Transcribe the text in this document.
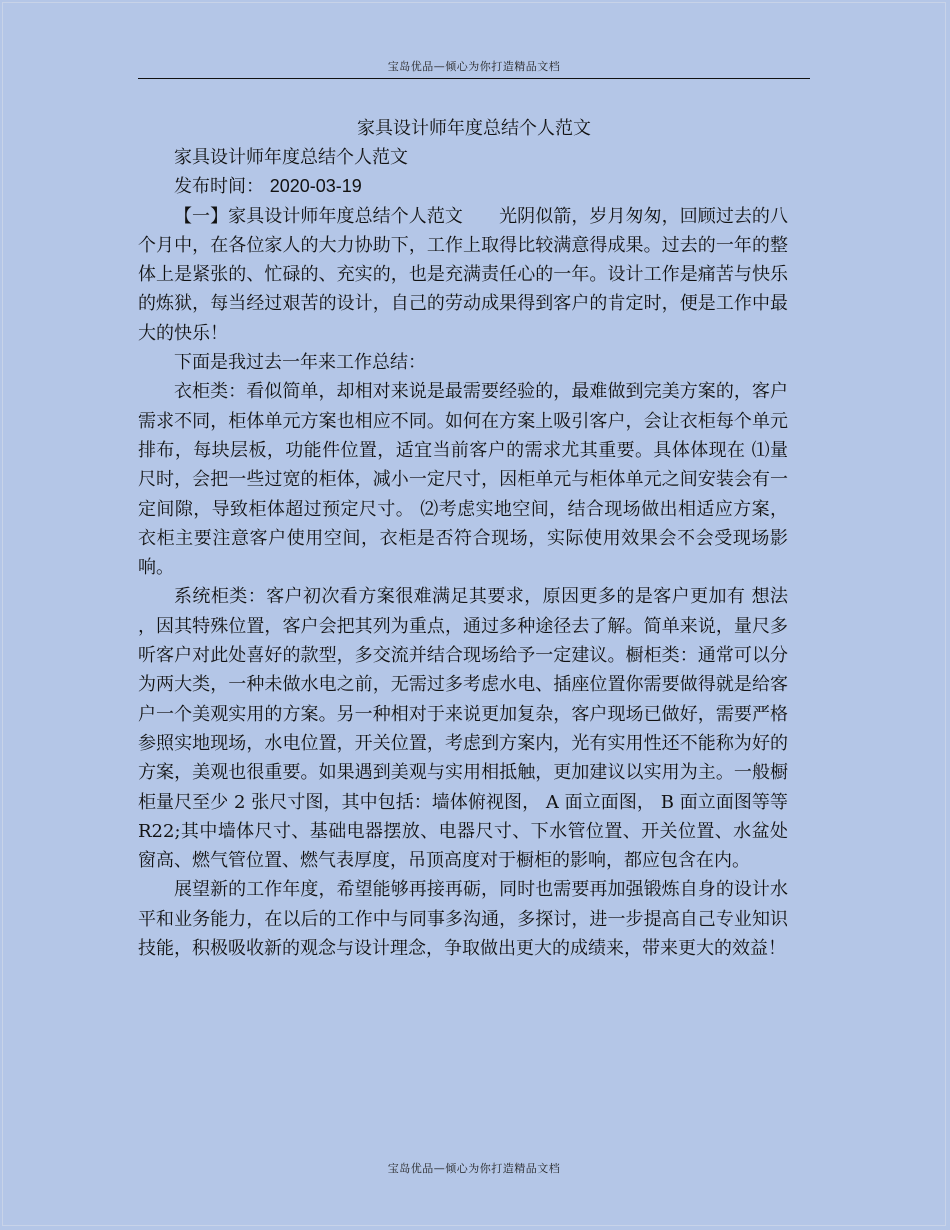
宝岛优品—倾心为你打造精品文档
家具设计师年度总结个人范文

家具设计师年度总结个人范文

发布时间： 2020-03-19

【一】家具设计师年度总结个人范文　　光阴似箭，岁月匆匆，回顾过去的八个月中，在各位家人的大力协助下，工作上取得比较满意得成果。过去的一年的整体上是紧张的、忙碌的、充实的，也是充满责任心的一年。设计工作是痛苦与快乐的炼狱，每当经过艰苦的设计，自己的劳动成果得到客户的肯定时，便是工作中最大的快乐！

下面是我过去一年来工作总结：

衣柜类：看似简单，却相对来说是最需要经验的，最难做到完美方案的，客户需求不同，柜体单元方案也相应不同。如何在方案上吸引客户，会让衣柜每个单元排布，每块层板，功能件位置，适宜当前客户的需求尤其重要。具体体现在 ⑴量尺时，会把一些过宽的柜体，减小一定尺寸，因柜单元与柜体单元之间安装会有一定间隙，导致柜体超过预定尺寸。 ⑵考虑实地空间，结合现场做出相适应方案，衣柜主要注意客户使用空间，衣柜是否符合现场，实际使用效果会不会受现场影响。

系统柜类：客户初次看方案很难满足其要求，原因更多的是客户更加有 想法 ，因其特殊位置，客户会把其列为重点，通过多种途径去了解。简单来说，量尺多听客户对此处喜好的款型，多交流并结合现场给予一定建议。橱柜类：通常可以分为两大类，一种未做水电之前，无需过多考虑水电、插座位置你需要做得就是给客户一个美观实用的方案。另一种相对于来说更加复杂，客户现场已做好，需要严格参照实地现场，水电位置，开关位置，考虑到方案内，光有实用性还不能称为好的方案，美观也很重要。如果遇到美观与实用相抵触，更加建议以实用为主。一般橱柜量尺至少 2 张尺寸图，其中包括：墙体俯视图， A 面立面图， B 面立面图等等 R22;其中墙体尺寸、基础电器摆放、电器尺寸、下水管位置、开关位置、水盆处窗高、燃气管位置、燃气表厚度，吊顶高度对于橱柜的影响，都应包含在内。

展望新的工作年度，希望能够再接再砺，同时也需要再加强锻炼自身的设计水平和业务能力，在以后的工作中与同事多沟通，多探讨，进一步提高自己专业知识技能，积极吸收新的观念与设计理念，争取做出更大的成绩来，带来更大的效益！

宝岛优品—倾心为你打造精品文档
